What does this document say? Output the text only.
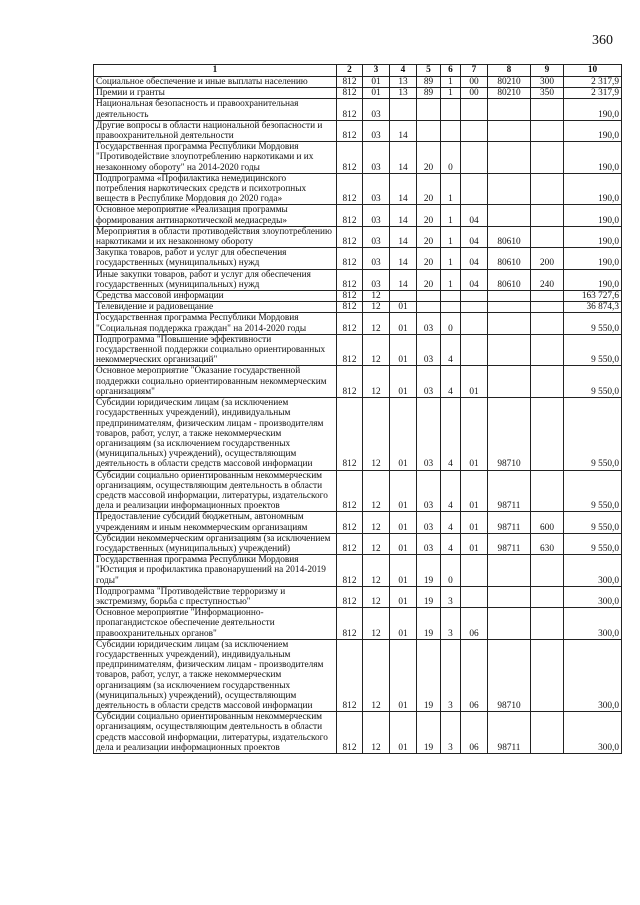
360
1	2	3	4	5	6	7	8	9	10
Социальное обеспечение и иные выплаты населению	812	01	13	89	1	00	80210	300	2 317,9
Премии и гранты	812	01	13	89	1	00	80210	350	2 317,9
Национальная безопасность и правоохранительная деятельность	812	03							190,0
Другие вопросы в области национальной безопасности и правоохранительной деятельности	812	03	14						190,0
Государственная программа Республики Мордовия "Противодействие злоупотреблению наркотиками и их незаконному обороту" на 2014-2020 годы	812	03	14	20	0				190,0
Подпрограмма «Профилактика немедицинского потребления наркотических средств и психотропных веществ в Республике Мордовия до 2020 года»	812	03	14	20	1				190,0
Основное мероприятие «Реализация программы формирования антинаркотической медиасреды»	812	03	14	20	1	04			190,0
Мероприятия в области противодействия злоупотреблению наркотиками и их незаконному обороту	812	03	14	20	1	04	80610		190,0
Закупка товаров, работ и услуг для обеспечения государственных (муниципальных) нужд	812	03	14	20	1	04	80610	200	190,0
Иные закупки товаров, работ и услуг для обеспечения государственных (муниципальных) нужд	812	03	14	20	1	04	80610	240	190,0
Средства массовой информации	812	12							163 727,6
Телевидение и радиовещание	812	12	01						36 874,3
Государственная программа Республики Мордовия "Социальная поддержка граждан" на 2014-2020 годы	812	12	01	03	0				9 550,0
Подпрограмма "Повышение эффективности государственной поддержки социально ориентированных некоммерческих организаций"	812	12	01	03	4				9 550,0
Основное мероприятие "Оказание государственной поддержки социально ориентированным некоммерческим организациям"	812	12	01	03	4	01			9 550,0
Субсидии юридическим лицам (за исключением государственных учреждений), индивидуальным предпринимателям, физическим лицам - производителям товаров, работ, услуг, а также некоммерческим организациям (за исключением государственных (муниципальных) учреждений), осуществляющим деятельность в области средств массовой информации	812	12	01	03	4	01	98710		9 550,0
Субсидии социально ориентированным некоммерческим организациям, осуществляющим деятельность в области средств массовой информации, литературы, издательского дела и реализации информационных проектов	812	12	01	03	4	01	98711		9 550,0
Предоставление субсидий бюджетным, автономным учреждениям и иным некоммерческим организациям	812	12	01	03	4	01	98711	600	9 550,0
Субсидии некоммерческим организациям (за исключением государственных (муниципальных) учреждений)	812	12	01	03	4	01	98711	630	9 550,0
Государственная программа Республики Мордовия "Юстиция и профилактика правонарушений на 2014-2019 годы"	812	12	01	19	0				300,0
Подпрограмма "Противодействие терроризму и экстремизму, борьба с преступностью"	812	12	01	19	3				300,0
Основное мероприятие "Информационно-пропагандистское обеспечение деятельности правоохранительных органов"	812	12	01	19	3	06			300,0
Субсидии юридическим лицам (за исключением государственных учреждений), индивидуальным предпринимателям, физическим лицам - производителям товаров, работ, услуг, а также некоммерческим организациям (за исключением государственных (муниципальных) учреждений), осуществляющим деятельность в области средств массовой информации	812	12	01	19	3	06	98710		300,0
Субсидии социально ориентированным некоммерческим организациям, осуществляющим деятельность в области средств массовой информации, литературы, издательского дела и реализации информационных проектов	812	12	01	19	3	06	98711		300,0
